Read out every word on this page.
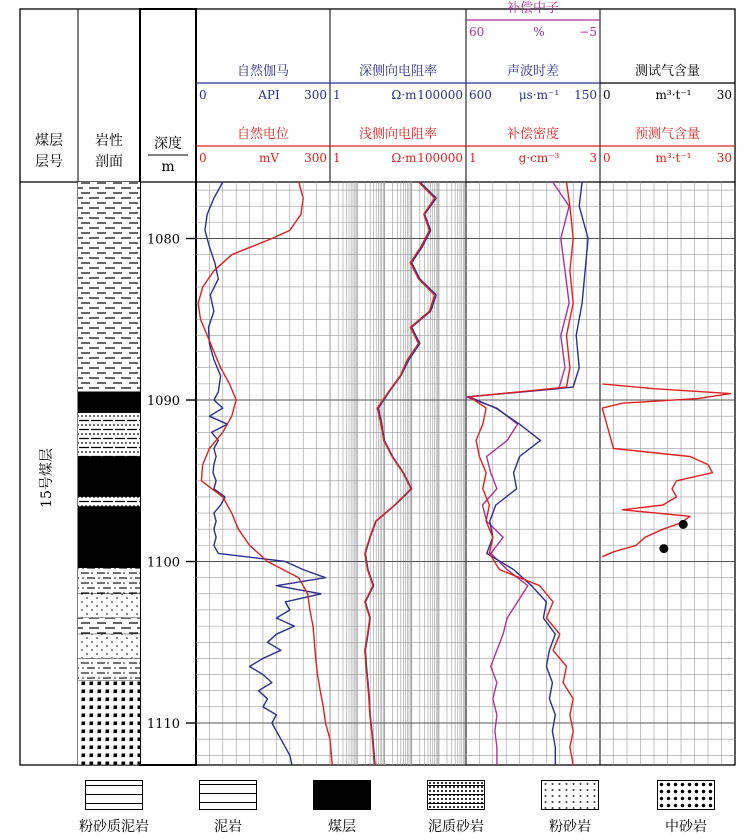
煤层
层号
岩性
剖面
深度
m
15号煤层
1080
1090
1100
1110
自然伽马
0	API 300
自然电位
0	mV 300
深侧向电阻率
1	Ω·m 100000
浅侧向电阻率
1	Ω·m 100000
补偿中子
60	%	−5
声波时差
600 μs·m⁻¹ 150
补偿密度
1	g·cm⁻³ 3
测试气含量
0	m³·t⁻¹ 30
预测气含量
0	m³·t⁻¹ 30
粉砂质泥岩	泥岩	煤层	泥质砂岩	粉砂岩	中砂岩
